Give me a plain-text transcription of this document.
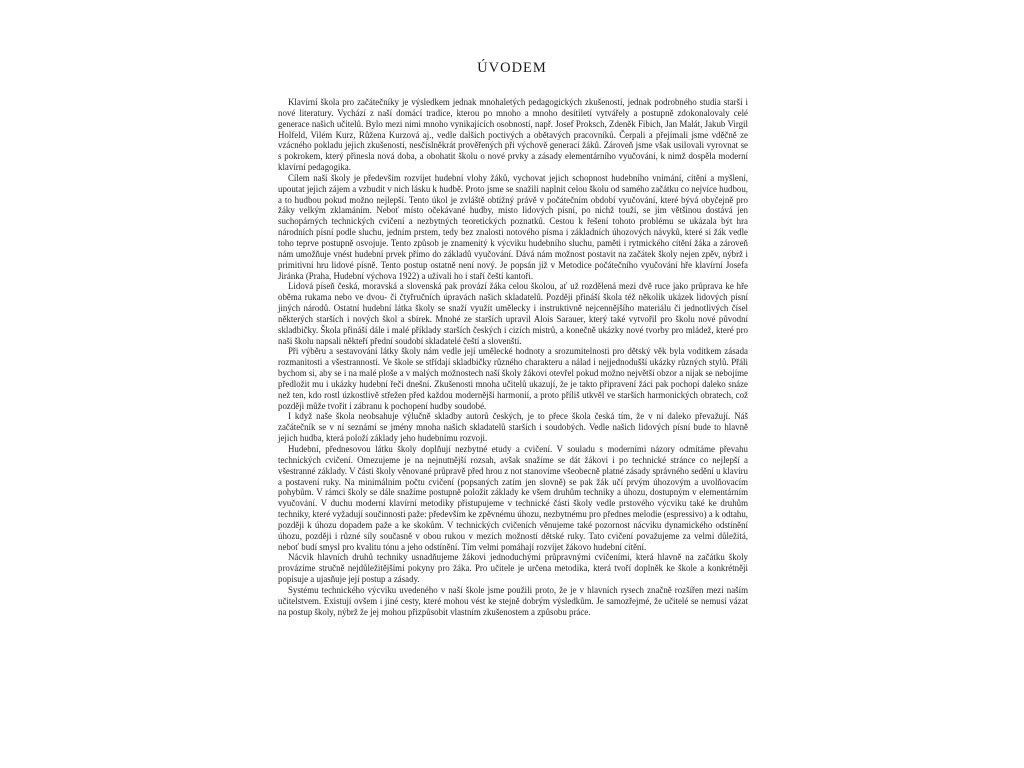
ÚVODEM

Klavírní škola pro začátečníky je výsledkem jednak mnohaletých pedagogických zkušeností, jednak podrobného studia starší i nové literatury. Vychází z naší domácí tradice, kterou po mnoho a mnoho desítiletí vytvářely a postupně zdokonalovaly celé generace našich učitelů. Bylo mezi nimi mnoho vynikajících osobností, např. Josef Proksch, Zdeněk Fibich, Jan Malát, Jakub Virgil Holfeld, Vilém Kurz, Růžena Kurzová aj., vedle dalších poctivých a obětavých pracovníků. Čerpali a přejímali jsme vděčně ze vzácného pokladu jejich zkušeností, nesčíslněkrát prověřených při výchově generací žáků. Zároveň jsme však usilovali vyrovnat se s pokrokem, který přinesla nová doba, a obohatit školu o nové prvky a zásady elementárního vyučování, k nimž dospěla moderní klavírní pedagogika.

Cílem naší školy je především rozvíjet hudební vlohy žáků, vychovat jejich schopnost hudebního vnímání, cítění a myšlení, upoutat jejich zájem a vzbudit v nich lásku k hudbě. Proto jsme se snažili naplnit celou školu od samého začátku co nejvíce hudbou, a to hudbou pokud možno nejlepší. Tento úkol je zvláště obtížný právě v počátečním období vyučování, které bývá obyčejně pro žáky velkým zklamáním. Neboť místo očekávané hudby, místo lidových písní, po nichž touží, se jim většinou dostává jen suchopárných technických cvičení a nezbytných teoretických poznatků. Cestou k řešení tohoto problému se ukázala být hra národních písní podle sluchu, jedním prstem, tedy bez znalosti notového písma i základních úhozových návyků, které si žák vedle toho teprve postupně osvojuje. Tento způsob je znamenitý k výcviku hudebního sluchu, paměti i rytmického cítění žáka a zároveň nám umožňuje vnést hudební prvek přímo do základů vyučování. Dává nám možnost postavit na začátek školy nejen zpěv, nýbrž i primitivní hru lidové písně. Tento postup ostatně není nový. Je popsán již v Metodice počátečního vyučování hře klavírní Josefa Jiránka (Praha, Hudební výchova 1922) a užívali ho i staří čeští kantoři.

Lidová píseň česká, moravská a slovenská pak provází žáka celou školou, ať už rozdělená mezi dvě ruce jako průprava ke hře oběma rukama nebo ve dvou- či čtyřručních úpravách našich skladatelů. Později přináší škola též několik ukázek lidových písní jiných národů. Ostatní hudební látka školy se snaží využít umělecky i instruktivně nejcennějšího materiálu či jednotlivých čísel některých starších i nových škol a sbírek. Mnohé ze starších upravil Alois Sarauer, který také vytvořil pro školu nové původní skladbičky. Škola přináší dále i malé příklady starších českých i cizích mistrů, a konečně ukázky nové tvorby pro mládež, které pro naši školu napsali někteří přední soudobí skladatelé čeští a slovenští.

Při výběru a sestavování látky školy nám vedle její umělecké hodnoty a srozumitelnosti pro dětský věk byla voditkem zásada rozmanitosti a všestrannosti. Ve škole se střídají skladbičky různého charakteru a nálad i nejjednodušší ukázky různých stylů. Přáli bychom si, aby se i na malé ploše a v malých možnostech naší školy žákovi otevřel pokud možno největší obzor a nijak se nebojíme předložit mu i ukázky hudební řeči dnešní. Zkušenosti mnoha učitelů ukazují, že je takto připravení žáci pak pochopí daleko snáze než ten, kdo rostl úzkostlivě střežen před každou modernější harmonií, a proto příliš utkvěl ve starších harmonických obratech, což později může tvořit i zábranu k pochopení hudby soudobé.

I když naše škola neobsahuje výlučně skladby autorů českých, je to přece škola česká tím, že v ní daleko převažují. Náš začátečník se v ní seznámí se jmény mnoha našich skladatelů starších i soudobých. Vedle našich lidových písní bude to hlavně jejich hudba, která položí základy jeho hudebnímu rozvoji.

Hudební, přednesovou látku školy doplňují nezbytné etudy a cvičení. V souladu s moderními názory odmítáme převahu technických cvičení. Omezujeme je na nejnutnější rozsah, avšak snažíme se dát žákovi i po technické stránce co nejlepší a všestranné základy. V části školy věnované průpravě před hrou z not stanovíme všeobecně platné zásady správného sedění u klavíru a postavení ruky. Na minimálním počtu cvičení (popsaných zatím jen slovně) se pak žák učí prvým úhozovým a uvolňovacím pohybům. V rámci školy se dále snažíme postupně položit základy ke všem druhům techniky a úhozu, dostupným v elementárním vyučování. V duchu moderní klavírní metodiky přistupujeme v technické části školy vedle prstového výcviku také ke druhům techniky, které vyžadují součinnosti paže: především ke zpěvnému úhozu, nezbytnému pro přednes melodie (espressivo) a k odtahu, později k úhozu dopadem paže a ke skokům. V technických cvičeních věnujeme také pozornost nácviku dynamického odstínění úhozu, později i různé síly současně v obou rukou v mezích možností dětské ruky. Tato cvičení považujeme za velmi důležitá, neboť budí smysl pro kvalitu tónu a jeho odstínění. Tím velmi pomáhají rozvíjet žákovo hudební cítění.

Nácvik hlavních druhů techniky usnadňujeme žákovi jednoduchými průpravnými cvičeními, která hlavně na začátku školy provázíme stručně nejdůležitějšími pokyny pro žáka. Pro učitele je určena metodika, která tvoří doplněk ke škole a konkrétněji popisuje a ujasňuje její postup a zásady.

Systému technického výcviku uvedeného v naší škole jsme použili proto, že je v hlavních rysech značně rozšířen mezi naším učitelstvem. Existují ovšem i jiné cesty, které mohou vést ke stejně dobrým výsledkům. Je samozřejmé, že učitelé se nemusí vázat na postup školy, nýbrž že jej mohou přizpůsobit vlastním zkušenostem a způsobu práce.
